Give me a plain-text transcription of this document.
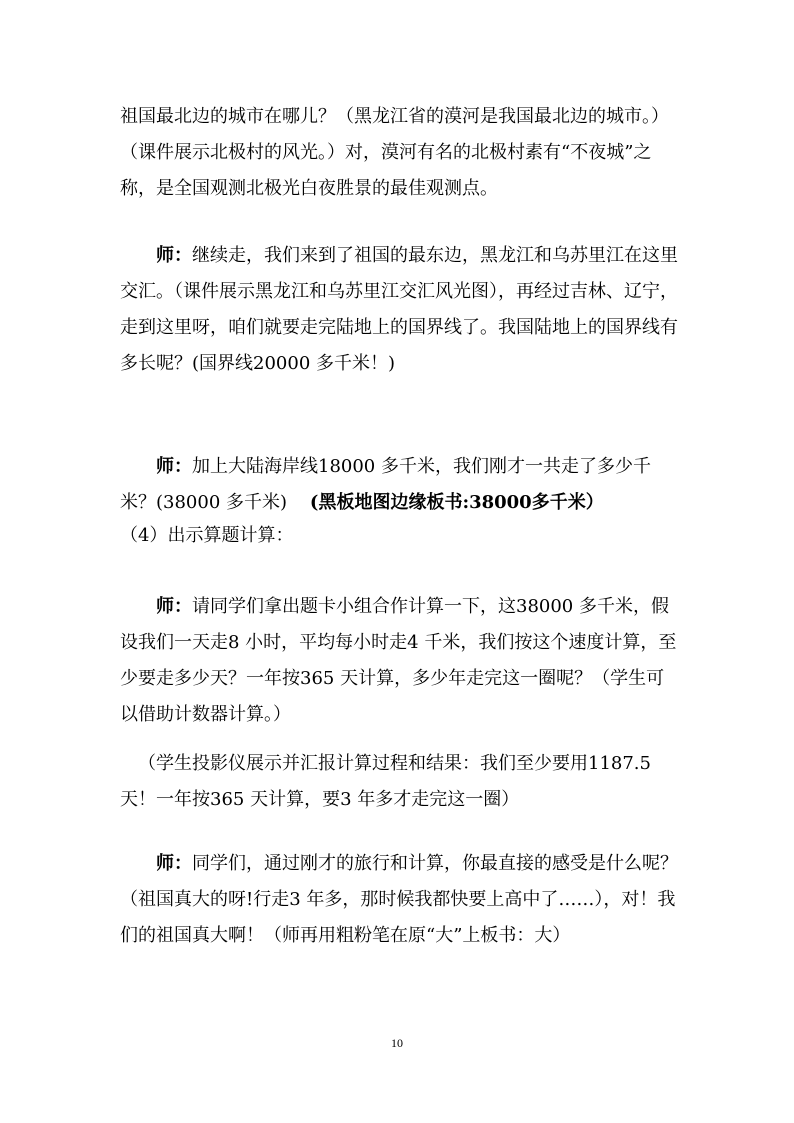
祖国最北边的城市在哪儿？（黑龙江省的漠河是我国最北边的城市。）（课件展示北极村的风光。）对，漠河有名的北极村素有“不夜城”之称，是全国观测北极光白夜胜景的最佳观测点。

师：继续走，我们来到了祖国的最东边，黑龙江和乌苏里江在这里交汇。（课件展示黑龙江和乌苏里江交汇风光图），再经过吉林、辽宁，走到这里呀，咱们就要走完陆地上的国界线了。我国陆地上的国界线有多长呢？(国界线20000 多千米！)

师：加上大陆海岸线18000 多千米，我们刚才一共走了多少千米？(38000 多千米) (黑板地图边缘板书:38000多千米）

（4）出示算题计算：

师：请同学们拿出题卡小组合作计算一下，这38000 多千米，假设我们一天走8 小时，平均每小时走4 千米，我们按这个速度计算，至少要走多少天？一年按365 天计算，多少年走完这一圈呢？（学生可以借助计数器计算。）

（学生投影仪展示并汇报计算过程和结果：我们至少要用1187.5 天！一年按365 天计算，要3 年多才走完这一圈）

师：同学们，通过刚才的旅行和计算，你最直接的感受是什么呢？（祖国真大的呀!行走3 年多，那时候我都快要上高中了……），对！我们的祖国真大啊！（师再用粗粉笔在原“大”上板书：大）

10
